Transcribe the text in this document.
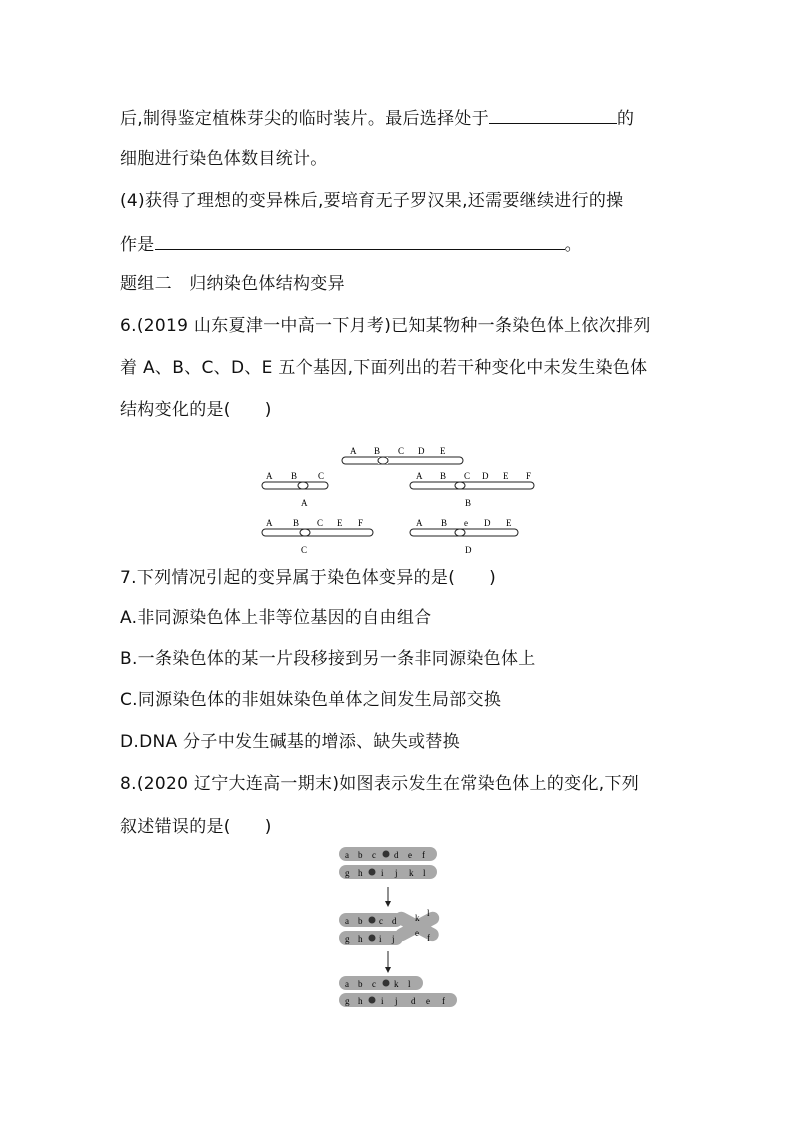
后,制得鉴定植株芽尖的临时装片。最后选择处于	的
细胞进行染色体数目统计。
(4)获得了理想的变异株后,要培育无子罗汉果,还需要继续进行的操
作是	。
题组二　归纳染色体结构变异
6.(2019 山东夏津一中高一下月考)已知某物种一条染色体上依次排列
着 A、B、C、D、E 五个基因,下面列出的若干种变化中未发生染色体
结构变化的是( )
A B C D E
A B C
A
A B C D E F
B
A B C E F
C
A B e D E
D
7.下列情况引起的变异属于染色体变异的是( )
A.非同源染色体上非等位基因的自由组合
B.一条染色体的某一片段移接到另一条非同源染色体上
C.同源染色体的非姐妹染色单体之间发生局部交换
D.DNA 分子中发生碱基的增添、缺失或替换
8.(2020 辽宁大连高一期末)如图表示发生在常染色体上的变化,下列
叙述错误的是( )
a b c d e f
g h i j k l
a b c d k l
g h i j
e f
a b c k l
g h i j d e f
